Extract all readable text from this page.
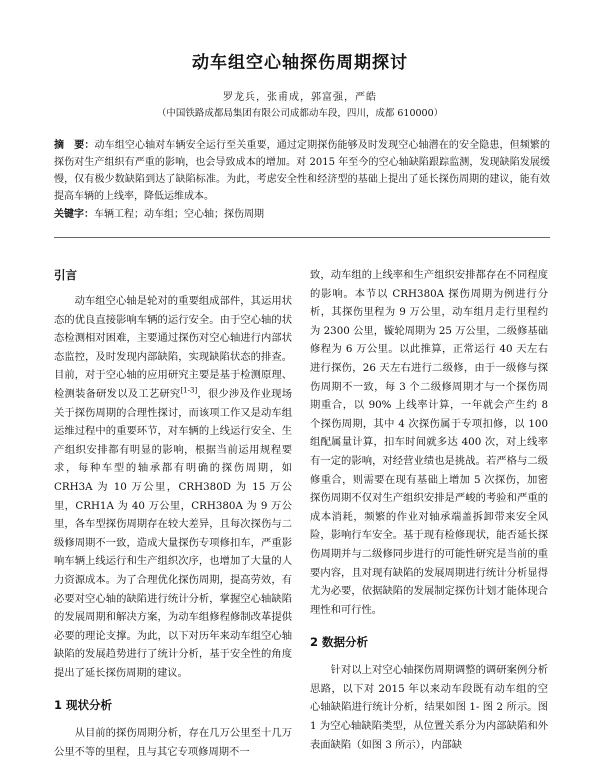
动车组空心轴探伤周期探讨
罗龙兵，张甫成，郭富强，严皓
（中国铁路成都局集团有限公司成都动车段，四川，成都 610000）
摘　要：动车组空心轴对车辆安全运行至关重要，通过定期探伤能够及时发现空心轴潜在的安全隐患，但频繁的探伤对生产组织有严重的影响，也会导致成本的增加。对 2015 年至今的空心轴缺陷跟踪监测，发现缺陷发展缓慢，仅有极少数缺陷到达了缺陷标准。为此，考虑安全性和经济型的基础上提出了延长探伤周期的建议，能有效提高车辆的上线率，降低运维成本。
关键字：车辆工程；动车组；空心轴；探伤周期
引言

动车组空心轴是轮对的重要组成部件，其运用状态的优良直接影响车辆的运行安全。由于空心轴的状态检测相对困难，主要通过探伤对空心轴进行内部状态监控，及时发现内部缺陷，实现缺陷状态的排查。目前，对于空心轴的应用研究主要是基于检测原理、检测装备研发以及工艺研究[1-3]，很少涉及作业现场关于探伤周期的合理性探讨，而该项工作又是动车组运维过程中的重要环节，对车辆的上线运行安全、生产组织安排都有明显的影响，根据当前运用规程要求，每种车型的轴承都有明确的探伤周期，如 CRH3A 为 10 万公里，CRH380D 为 15 万公里，CRH1A 为 40 万公里，CRH380A 为 9 万公里，各车型探伤周期存在较大差异，且每次探伤与二级修周期不一致，造成大量探伤专项修扣车，严重影响车辆上线运行和生产组织次序，也增加了大量的人力资源成本。为了合理优化探伤周期，提高劳效，有必要对空心轴的缺陷进行统计分析，掌握空心轴缺陷的发展周期和解决方案，为动车组修程修制改革提供必要的理论支撑。为此，以下对历年来动车组空心轴缺陷的发展趋势进行了统计分析，基于安全性的角度提出了延长探伤周期的建议。

1 现状分析

从目前的探伤周期分析，存在几万公里至十几万公里不等的里程，且与其它专项修周期不一

致，动车组的上线率和生产组织安排都存在不同程度的影响。本节以 CRH380A 探伤周期为例进行分析，其探伤里程为 9 万公里，动车组月走行里程约为 2300 公里，镟轮周期为 25 万公里，二级修基础修程为 6 万公里。以此推算，正常运行 40 天左右进行探伤，26 天左右进行二级修，由于一级修与探伤周期不一致，每 3 个二级修周期才与一个探伤周期重合，以 90% 上线率计算，一年就会产生约 8 个探伤周期，其中 4 次探伤属于专项扣修，以 100 组配属量计算，扣车时间就多达 400 次，对上线率有一定的影响，对经营业绩也是挑战。若严格与二级修重合，则需要在现有基础上增加 5 次探伤，加密探伤周期不仅对生产组织安排是严峻的考验和严重的成本消耗，频繁的作业对轴承端盖拆卸带来安全风险，影响行车安全。基于现有检修现状，能否延长探伤周期并与二级修同步进行的可能性研究是当前的重要内容，且对现有缺陷的发展周期进行统计分析显得尤为必要，依据缺陷的发展制定探伤计划才能体现合理性和可行性。

2 数据分析

针对以上对空心轴探伤周期调整的调研案例分析思路，以下对 2015 年以来动车段既有动车组的空心轴缺陷进行统计分析，结果如图 1- 图 2 所示。图 1 为空心轴缺陷类型，从位置关系分为内部缺陷和外表面缺陷（如图 3 所示），内部缺
